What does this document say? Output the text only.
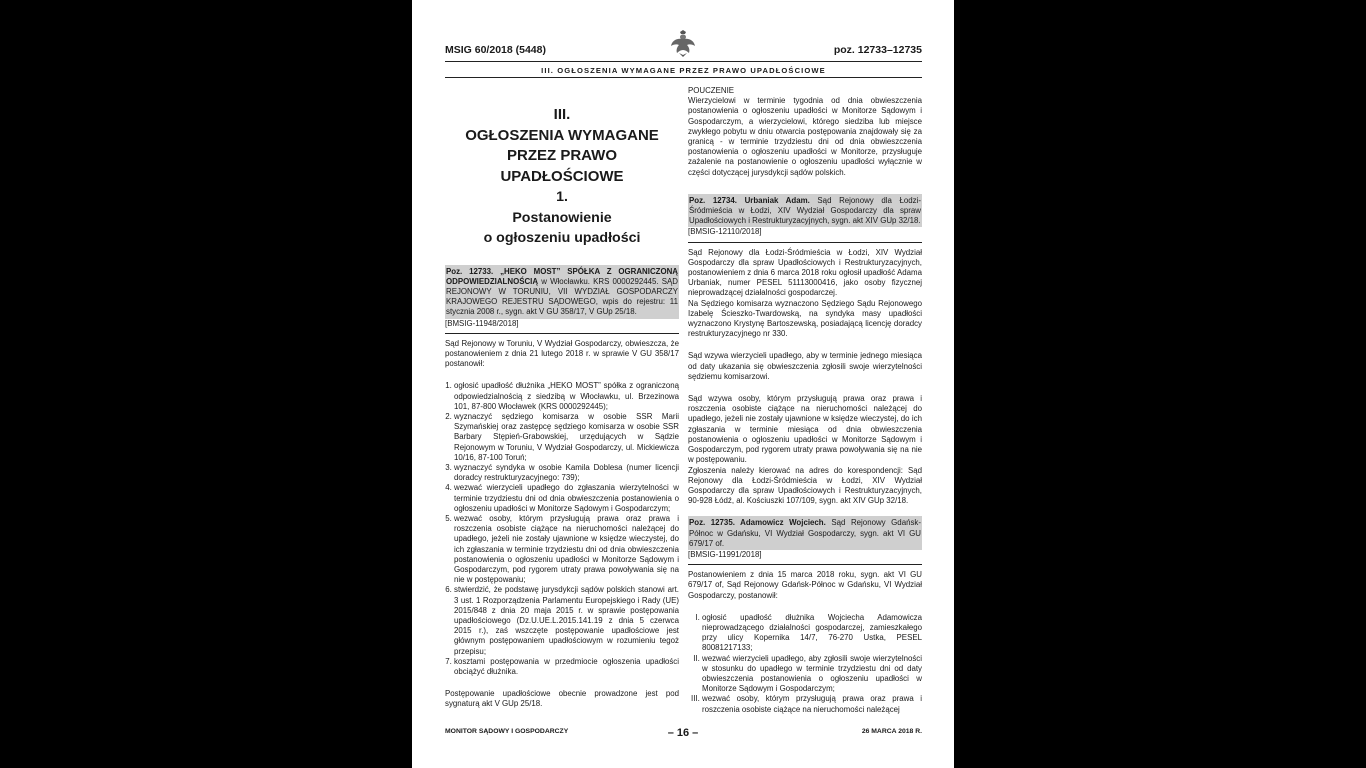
MSIG 60/2018 (5448)	poz. 12733–12735
III. OGŁOSZENIA WYMAGANE PRZEZ PRAWO UPADŁOŚCIOWE
III.
OGŁOSZENIA WYMAGANE
PRZEZ PRAWO
UPADŁOŚCIOWE
1.
Postanowienie
o ogłoszeniu upadłości
Poz. 12733. „HEKO MOST” SPÓŁKA Z OGRANICZONĄ ODPOWIEDZIALNOŚCIĄ w Włocławku. KRS 0000292445. SĄD REJONOWY W TORUNIU, VII WYDZIAŁ GOSPODARCZY KRAJOWEGO REJESTRU SĄDOWEGO, wpis do rejestru: 11 stycznia 2008 r., sygn. akt V GU 358/17, V GUp 25/18.
[BMSIG-11948/2018]

Sąd Rejonowy w Toruniu, V Wydział Gospodarczy, obwieszcza, że postanowieniem z dnia 21 lutego 2018 r. w sprawie V GU 358/17 postanowił:

1. ogłosić upadłość dłużnika „HEKO MOST” spółka z ograniczoną odpowiedzialnością z siedzibą w Włocławku, ul. Brzezinowa 101, 87-800 Włocławek (KRS 0000292445);
2. wyznaczyć sędziego komisarza w osobie SSR Marii Szymańskiej oraz zastępcę sędziego komisarza w osobie SSR Barbary Stępień-Grabowskiej, urzędujących w Sądzie Rejonowym w Toruniu, V Wydział Gospodarczy, ul. Mickiewicza 10/16, 87-100 Toruń;
3. wyznaczyć syndyka w osobie Kamila Doblesa (numer licencji doradcy restrukturyzacyjnego: 739);
4. wezwać wierzycieli upadłego do zgłaszania wierzytelności w terminie trzydziestu dni od dnia obwieszczenia postanowienia o ogłoszeniu upadłości w Monitorze Sądowym i Gospodarczym;
5. wezwać osoby, którym przysługują prawa oraz prawa i roszczenia osobiste ciążące na nieruchomości należącej do upadłego, jeżeli nie zostały ujawnione w księdze wieczystej, do ich zgłaszania w terminie trzydziestu dni od dnia obwieszczenia postanowienia o ogłoszeniu upadłości w Monitorze Sądowym i Gospodarczym, pod rygorem utraty prawa powoływania się na nie w postępowaniu;
6. stwierdzić, że podstawę jurysdykcji sądów polskich stanowi art. 3 ust. 1 Rozporządzenia Parlamentu Europejskiego i Rady (UE) 2015/848 z dnia 20 maja 2015 r. w sprawie postępowania upadłościowego (Dz.U.UE.L.2015.141.19 z dnia 5 czerwca 2015 r.), zaś wszczęte postępowanie upadłościowe jest głównym postępowaniem upadłościowym w rozumieniu tegoż przepisu;
7. kosztami postępowania w przedmiocie ogłoszenia upadłości obciążyć dłużnika.

Postępowanie upadłościowe obecnie prowadzone jest pod sygnaturą akt V GUp 25/18.

POUCZENIE

Wierzycielowi w terminie tygodnia od dnia obwieszczenia postanowienia o ogłoszeniu upadłości w Monitorze Sądowym i Gospodarczym, a wierzycielowi, którego siedziba lub miejsce zwykłego pobytu w dniu otwarcia postępowania znajdowały się za granicą - w terminie trzydziestu dni od dnia obwieszczenia postanowienia o ogłoszeniu upadłości w Monitorze, przysługuje zażalenie na postanowienie o ogłoszeniu upadłości wyłącznie w części dotyczącej jurysdykcji sądów polskich.

Poz. 12734. Urbaniak Adam. Sąd Rejonowy dla Łodzi-Śródmieścia w Łodzi, XIV Wydział Gospodarczy dla spraw Upadłościowych i Restrukturyzacyjnych, sygn. akt XIV GUp 32/18.
[BMSIG-12110/2018]

Sąd Rejonowy dla Łodzi-Śródmieścia w Łodzi, XIV Wydział Gospodarczy dla spraw Upadłościowych i Restrukturyzacyjnych, postanowieniem z dnia 6 marca 2018 roku ogłosił upadłość Adama Urbaniak, numer PESEL 51113000416, jako osoby fizycznej nieprowadzącej działalności gospodarczej.

Na Sędziego komisarza wyznaczono Sędziego Sądu Rejonowego Izabelę Ścieszko-Twardowską, na syndyka masy upadłości wyznaczono Krystynę Bartoszewską, posiadającą licencję doradcy restrukturyzacyjnego nr 330.

Sąd wzywa wierzycieli upadłego, aby w terminie jednego miesiąca od daty ukazania się obwieszczenia zgłosili swoje wierzytelności sędziemu komisarzowi.

Sąd wzywa osoby, którym przysługują prawa oraz prawa i roszczenia osobiste ciążące na nieruchomości należącej do upadłego, jeżeli nie zostały ujawnione w księdze wieczystej, do ich zgłaszania w terminie miesiąca od dnia obwieszczenia postanowienia o ogłoszeniu upadłości w Monitorze Sądowym i Gospodarczym, pod rygorem utraty prawa powoływania się na nie w postępowaniu.

Zgłoszenia należy kierować na adres do korespondencji: Sąd Rejonowy dla Łodzi-Śródmieścia w Łodzi, XIV Wydział Gospodarczy dla spraw Upadłościowych i Restrukturyzacyjnych, 90-928 Łódź, al. Kościuszki 107/109, sygn. akt XIV GUp 32/18.

Poz. 12735. Adamowicz Wojciech. Sąd Rejonowy Gdańsk-Północ w Gdańsku, VI Wydział Gospodarczy, sygn. akt VI GU 679/17 of.
[BMSIG-11991/2018]

Postanowieniem z dnia 15 marca 2018 roku, sygn. akt VI GU 679/17 of, Sąd Rejonowy Gdańsk-Północ w Gdańsku, VI Wydział Gospodarczy, postanowił:

I. ogłosić upadłość dłużnika Wojciecha Adamowicza nieprowadzącego działalności gospodarczej, zamieszkałego przy ulicy Kopernika 14/7, 76-270 Ustka, PESEL 80081217133;
II. wezwać wierzycieli upadłego, aby zgłosili swoje wierzytelności w stosunku do upadłego w terminie trzydziestu dni od daty obwieszczenia postanowienia o ogłoszeniu upadłości w Monitorze Sądowym i Gospodarczym;
III. wezwać osoby, którym przysługują prawa oraz prawa i roszczenia osobiste ciążące na nieruchomości należącej
MONITOR SĄDOWY I GOSPODARCZY	– 16 –	26 MARCA 2018 R.
